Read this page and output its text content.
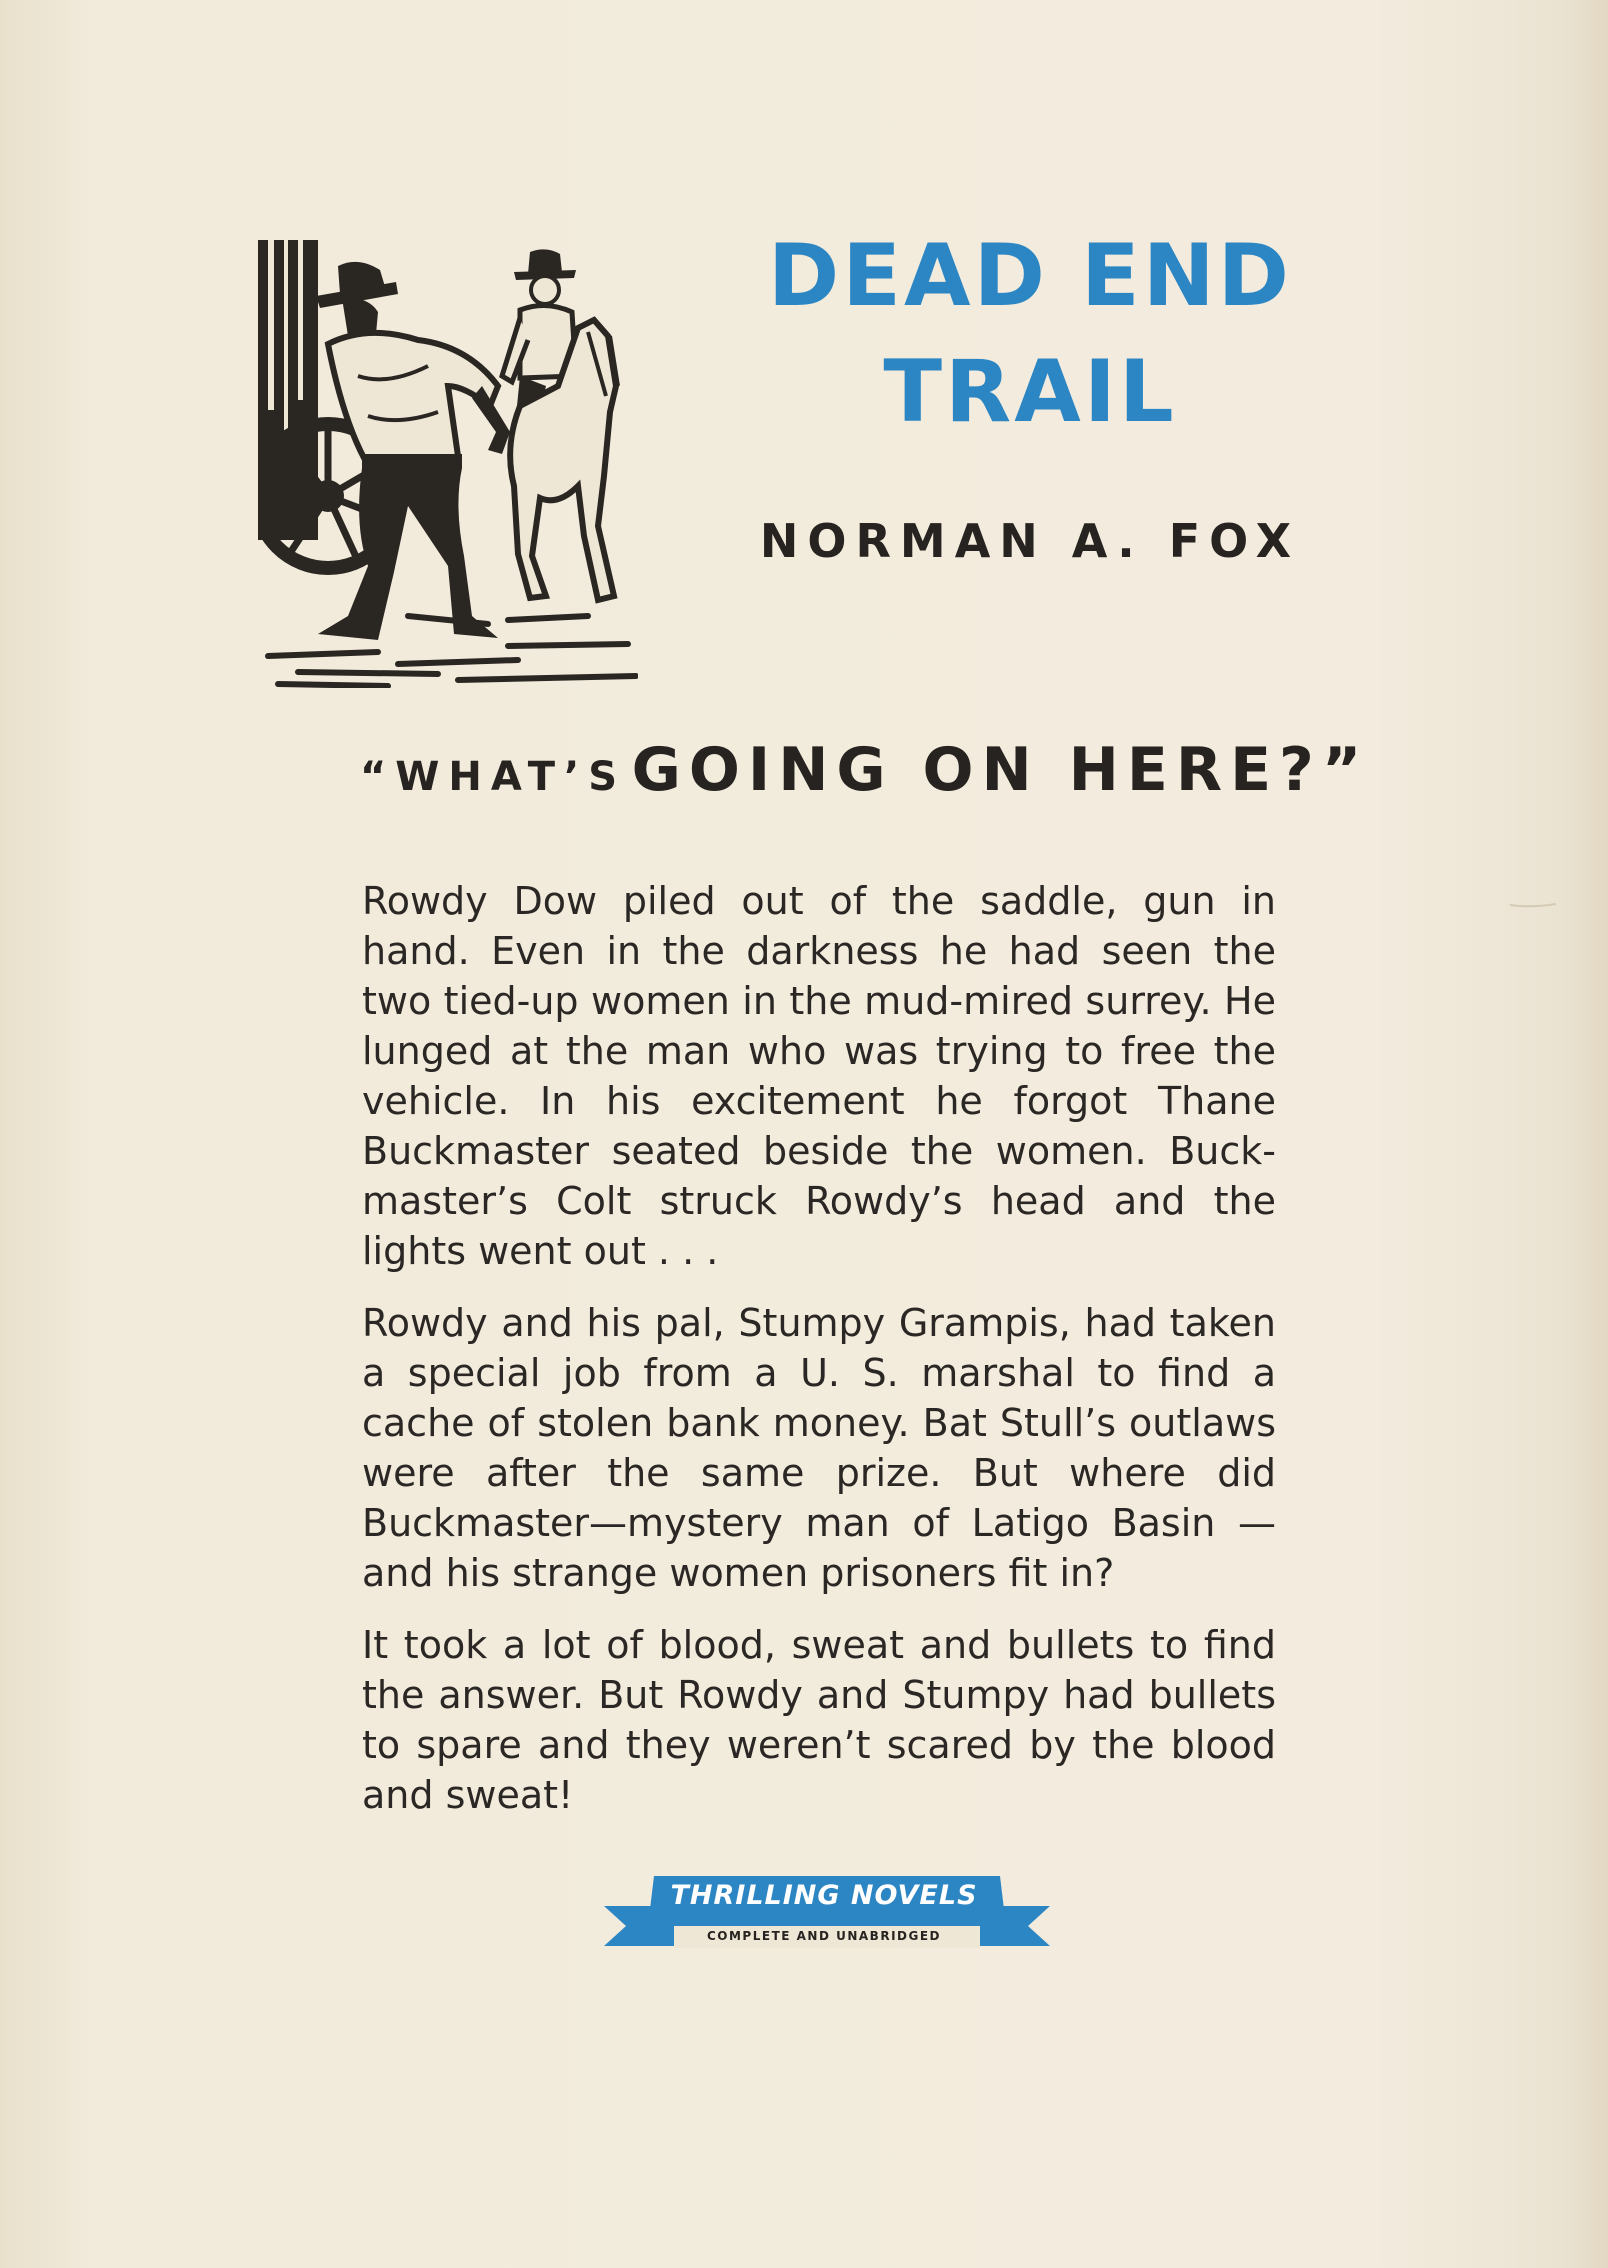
DEAD END
TRAIL
NORMAN A. FOX
“WHAT’S GOING ON HERE?”

Rowdy Dow piled out of the saddle, gun in hand. Even in the darkness he had seen the two tied-up women in the mud-mired surrey. He lunged at the man who was trying to free the vehicle. In his excitement he forgot Thane Buckmaster seated beside the women. Buckmaster’s Colt struck Rowdy’s head and the lights went out . . .

Rowdy and his pal, Stumpy Grampis, had taken a special job from a U. S. marshal to find a cache of stolen bank money. Bat Stull’s outlaws were after the same prize. But where did Buckmaster—mystery man of Latigo Basin —and his strange women prisoners fit in?

It took a lot of blood, sweat and bullets to find the answer. But Rowdy and Stumpy had bullets to spare and they weren’t scared by the blood and sweat!

THRILLING NOVELS
COMPLETE AND UNABRIDGED
